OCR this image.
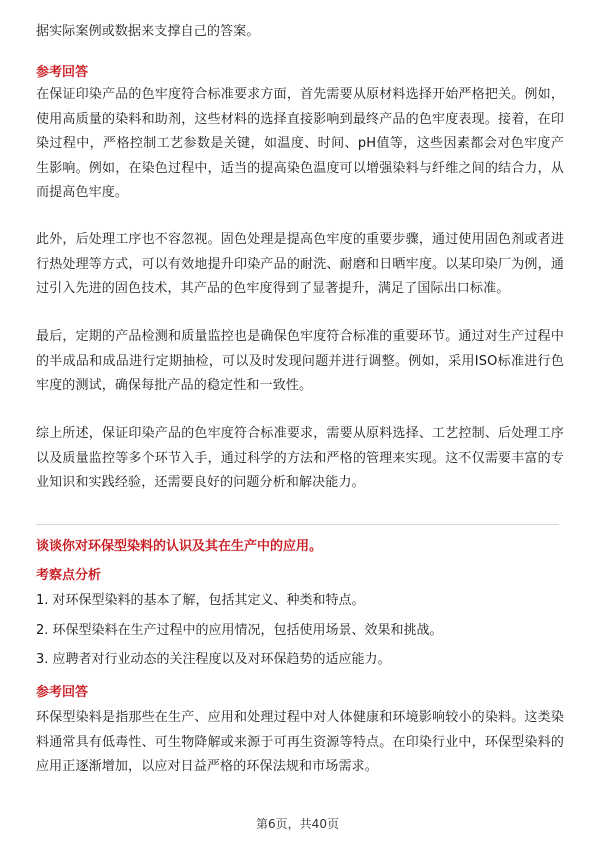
据实际案例或数据来支撑自己的答案。

参考回答

在保证印染产品的色牢度符合标准要求方面，首先需要从原材料选择开始严格把关。例如，使用高质量的染料和助剂，这些材料的选择直接影响到最终产品的色牢度表现。接着，在印染过程中，严格控制工艺参数是关键，如温度、时间、pH值等，这些因素都会对色牢度产生影响。例如，在染色过程中，适当的提高染色温度可以增强染料与纤维之间的结合力，从而提高色牢度。

此外，后处理工序也不容忽视。固色处理是提高色牢度的重要步骤，通过使用固色剂或者进行热处理等方式，可以有效地提升印染产品的耐洗、耐磨和日晒牢度。以某印染厂为例，通过引入先进的固色技术，其产品的色牢度得到了显著提升，满足了国际出口标准。

最后，定期的产品检测和质量监控也是确保色牢度符合标准的重要环节。通过对生产过程中的半成品和成品进行定期抽检，可以及时发现问题并进行调整。例如，采用ISO标准进行色牢度的测试，确保每批产品的稳定性和一致性。

综上所述，保证印染产品的色牢度符合标准要求，需要从原料选择、工艺控制、后处理工序以及质量监控等多个环节入手，通过科学的方法和严格的管理来实现。这不仅需要丰富的专业知识和实践经验，还需要良好的问题分析和解决能力。

谈谈你对环保型染料的认识及其在生产中的应用。

考察点分析

1. 对环保型染料的基本了解，包括其定义、种类和特点。

2. 环保型染料在生产过程中的应用情况，包括使用场景、效果和挑战。

3. 应聘者对行业动态的关注程度以及对环保趋势的适应能力。

参考回答

环保型染料是指那些在生产、应用和处理过程中对人体健康和环境影响较小的染料。这类染料通常具有低毒性、可生物降解或来源于可再生资源等特点。在印染行业中，环保型染料的应用正逐渐增加，以应对日益严格的环保法规和市场需求。

第6页，共40页
